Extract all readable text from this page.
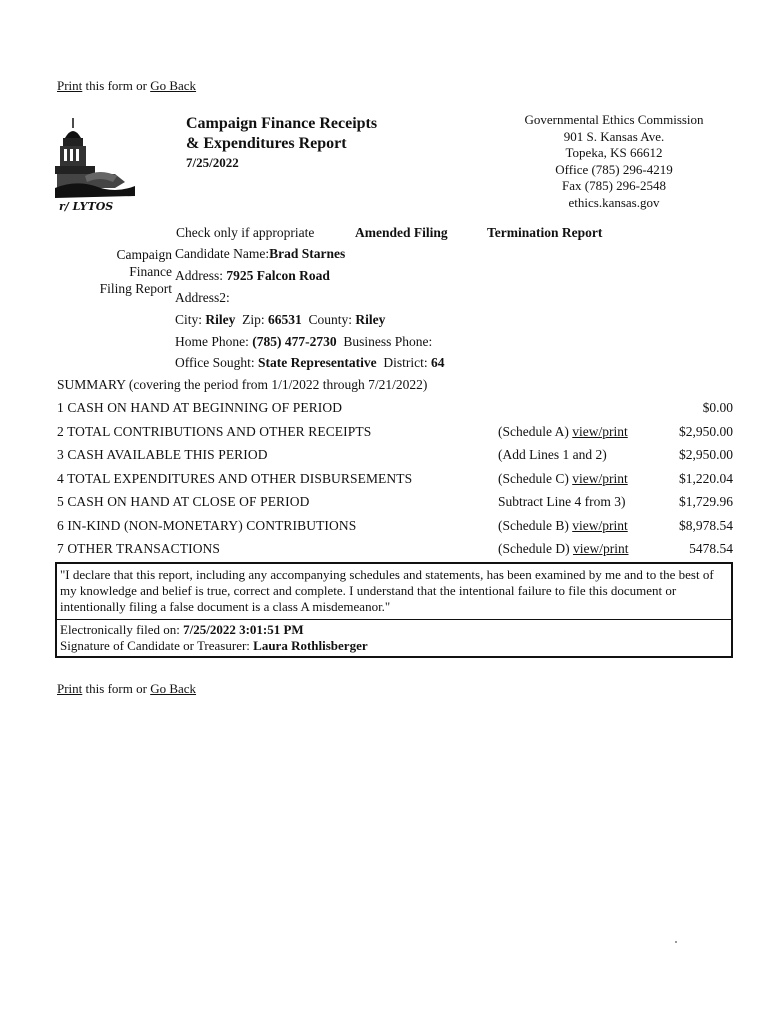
Print this form or Go Back
r/ LYTOS
Campaign Finance Receipts
& Expenditures Report
7/25/2022
Governmental Ethics Commission
901 S. Kansas Ave.
Topeka, KS 66612
Office (785) 296-4219
Fax (785) 296-2548
ethics.kansas.gov
Check only if appropriate	Amended Filing	Termination Report
Campaign
Finance
Filing Report
Candidate Name:Brad Starnes
Address: 7925 Falcon Road
Address2:
City: Riley Zip: 66531 County: Riley
Home Phone: (785) 477-2730 Business Phone:
Office Sought: State Representative District: 64
SUMMARY (covering the period from 1/1/2022 through 7/21/2022)
1 CASH ON HAND AT BEGINNING OF PERIOD	$0.00
2 TOTAL CONTRIBUTIONS AND OTHER RECEIPTS	(Schedule A) view/print	$2,950.00
3 CASH AVAILABLE THIS PERIOD	(Add Lines 1 and 2)	$2,950.00
4 TOTAL EXPENDITURES AND OTHER DISBURSEMENTS	(Schedule C) view/print	$1,220.04
5 CASH ON HAND AT CLOSE OF PERIOD	Subtract Line 4 from 3)	$1,729.96
6 IN-KIND (NON-MONETARY) CONTRIBUTIONS	(Schedule B) view/print	$8,978.54
7 OTHER TRANSACTIONS	(Schedule D) view/print	5478.54
"I declare that this report, including any accompanying schedules and statements, has been examined by me and to the best of my knowledge and belief is true, correct and complete. I understand that the intentional failure to file this document or intentionally filing a false document is a class A misdemeanor."
Electronically filed on: 7/25/2022 3:01:51 PM
Signature of Candidate or Treasurer: Laura Rothlisberger
Print this form or Go Back
